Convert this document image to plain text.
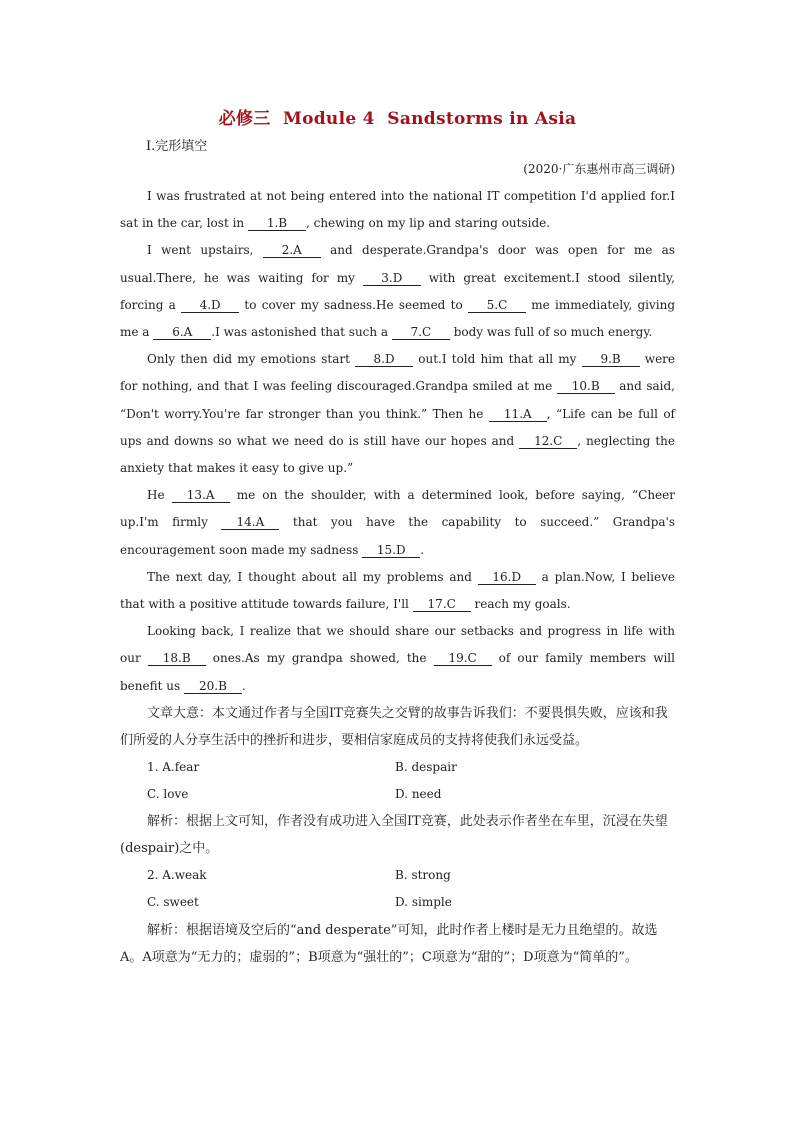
必修三  Module 4  Sandstorms in Asia
Ⅰ.完形填空
(2020·广东惠州市高三调研)

I was frustrated at not being entered into the national IT competition I'd applied for.I sat in the car, lost in 1.B , chewing on my lip and staring outside.

I went upstairs, 2.A and desperate.Grandpa's door was open for me as usual.There, he was waiting for my 3.D with great excitement.I stood silently, forcing a 4.D to cover my sadness.He seemed to 5.C me immediately, giving me a 6.A .I was astonished that such a 7.C body was full of so much energy.

Only then did my emotions start 8.D out.I told him that all my 9.B were for nothing, and that I was feeling discouraged.Grandpa smiled at me 10.B and said, “Don't worry.You're far stronger than you think.” Then he 11.A , “Life can be full of ups and downs so what we need do is still have our hopes and 12.C , neglecting the anxiety that makes it easy to give up.”

He 13.A me on the shoulder, with a determined look, before saying, “Cheer up.I'm firmly 14.A that you have the capability to succeed.” Grandpa's encouragement soon made my sadness 15.D .

The next day, I thought about all my problems and 16.D a plan.Now, I believe that with a positive attitude towards failure, I'll 17.C reach my goals.

Looking back, I realize that we should share our setbacks and progress in life with our 18.B ones.As my grandpa showed, the 19.C of our family members will benefit us 20.B .

文章大意：本文通过作者与全国IT竞赛失之交臂的故事告诉我们：不要畏惧失败，应该和我们所爱的人分享生活中的挫折和进步，要相信家庭成员的支持将使我们永远受益。

1. A.fear	B. despair
C. love	D. need

解析：根据上文可知，作者没有成功进入全国IT竞赛，此处表示作者坐在车里，沉浸在失望(despair)之中。

2. A.weak	B. strong
C. sweet	D. simple

解析：根据语境及空后的“and desperate”可知，此时作者上楼时是无力且绝望的。故选A。A项意为“无力的；虚弱的”；B项意为“强壮的”；C项意为“甜的”；D项意为“简单的”。
